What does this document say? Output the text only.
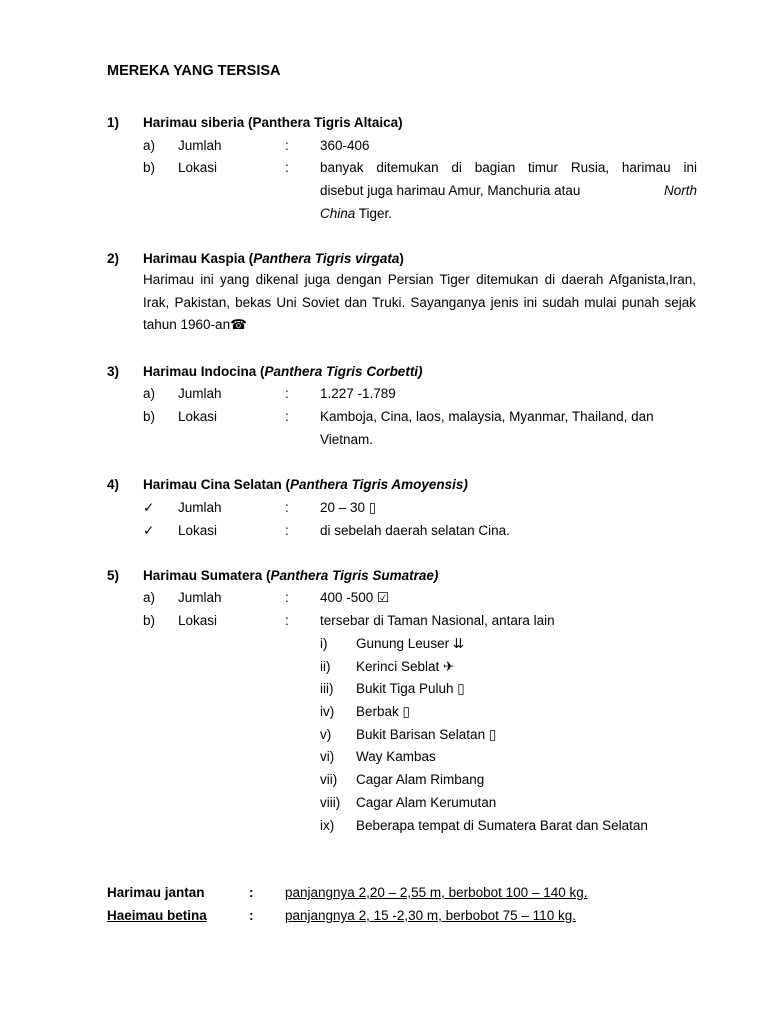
MEREKA YANG TERSISA
1) Harimau siberia (Panthera Tigris Altaica)
a) Jumlah	: 360-406
b) Lokasi	: banyak ditemukan di bagian timur Rusia, harimau ini
disebut juga harimau Amur, Manchuria atau	North
China Tiger.
2) Harimau Kaspia (Panthera Tigris virgata)
Harimau ini yang dikenal juga dengan Persian Tiger ditemukan di daerah Afganista,Iran, Irak, Pakistan, bekas Uni Soviet dan Truki. Sayanganya jenis ini sudah mulai punah sejak tahun 1960-an☎
3) Harimau Indocina (Panthera Tigris Corbetti)
a) Jumlah	: 1.227 -1.789
b) Lokasi	: Kamboja, Cina, laos, malaysia, Myanmar, Thailand, dan
Vietnam.
4) Harimau Cina Selatan (Panthera Tigris Amoyensis)
✓ Jumlah	: 20 – 30 ▯
✓ Lokasi	: di sebelah daerah selatan Cina.
5) Harimau Sumatera (Panthera Tigris Sumatrae)
a) Jumlah	: 400 -500 ☑
b) Lokasi	: tersebar di Taman Nasional, antara lain
i) Gunung Leuser ⇊
ii) Kerinci Seblat ✈
iii) Bukit Tiga Puluh ▯
iv) Berbak ▯
v) Bukit Barisan Selatan ▯
vi) Way Kambas
vii) Cagar Alam Rimbang
viii) Cagar Alam Kerumutan
ix) Beberapa tempat di Sumatera Barat dan Selatan
Harimau jantan	: panjangnya 2,20 – 2,55 m, berbobot 100 – 140 kg.
Haeimau betina	: panjangnya 2, 15 -2,30 m, berbobot 75 – 110 kg.
